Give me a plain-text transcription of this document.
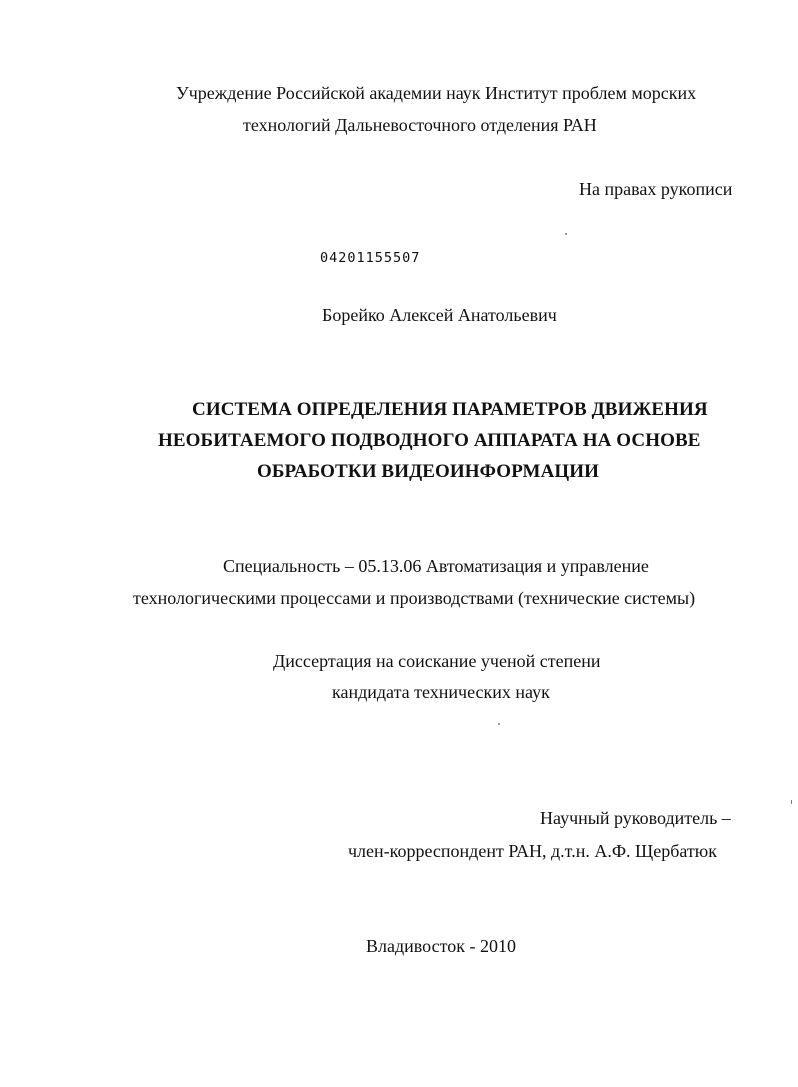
Учреждение Российской академии наук Институт проблем морских
технологий Дальневосточного отделения РАН
На правах рукописи
04201155507
Борейко Алексей Анатольевич
СИСТЕМА ОПРЕДЕЛЕНИЯ ПАРАМЕТРОВ ДВИЖЕНИЯ
НЕОБИТАЕМОГО ПОДВОДНОГО АППАРАТА НА ОСНОВЕ
ОБРАБОТКИ ВИДЕОИНФОРМАЦИИ
Специальность – 05.13.06 Автоматизация и управление
технологическими процессами и производствами (технические системы)
Диссертация на соискание ученой степени
кандидата технических наук
Научный руководитель –
член-корреспондент РАН, д.т.н. А.Ф. Щербатюк
Владивосток - 2010
